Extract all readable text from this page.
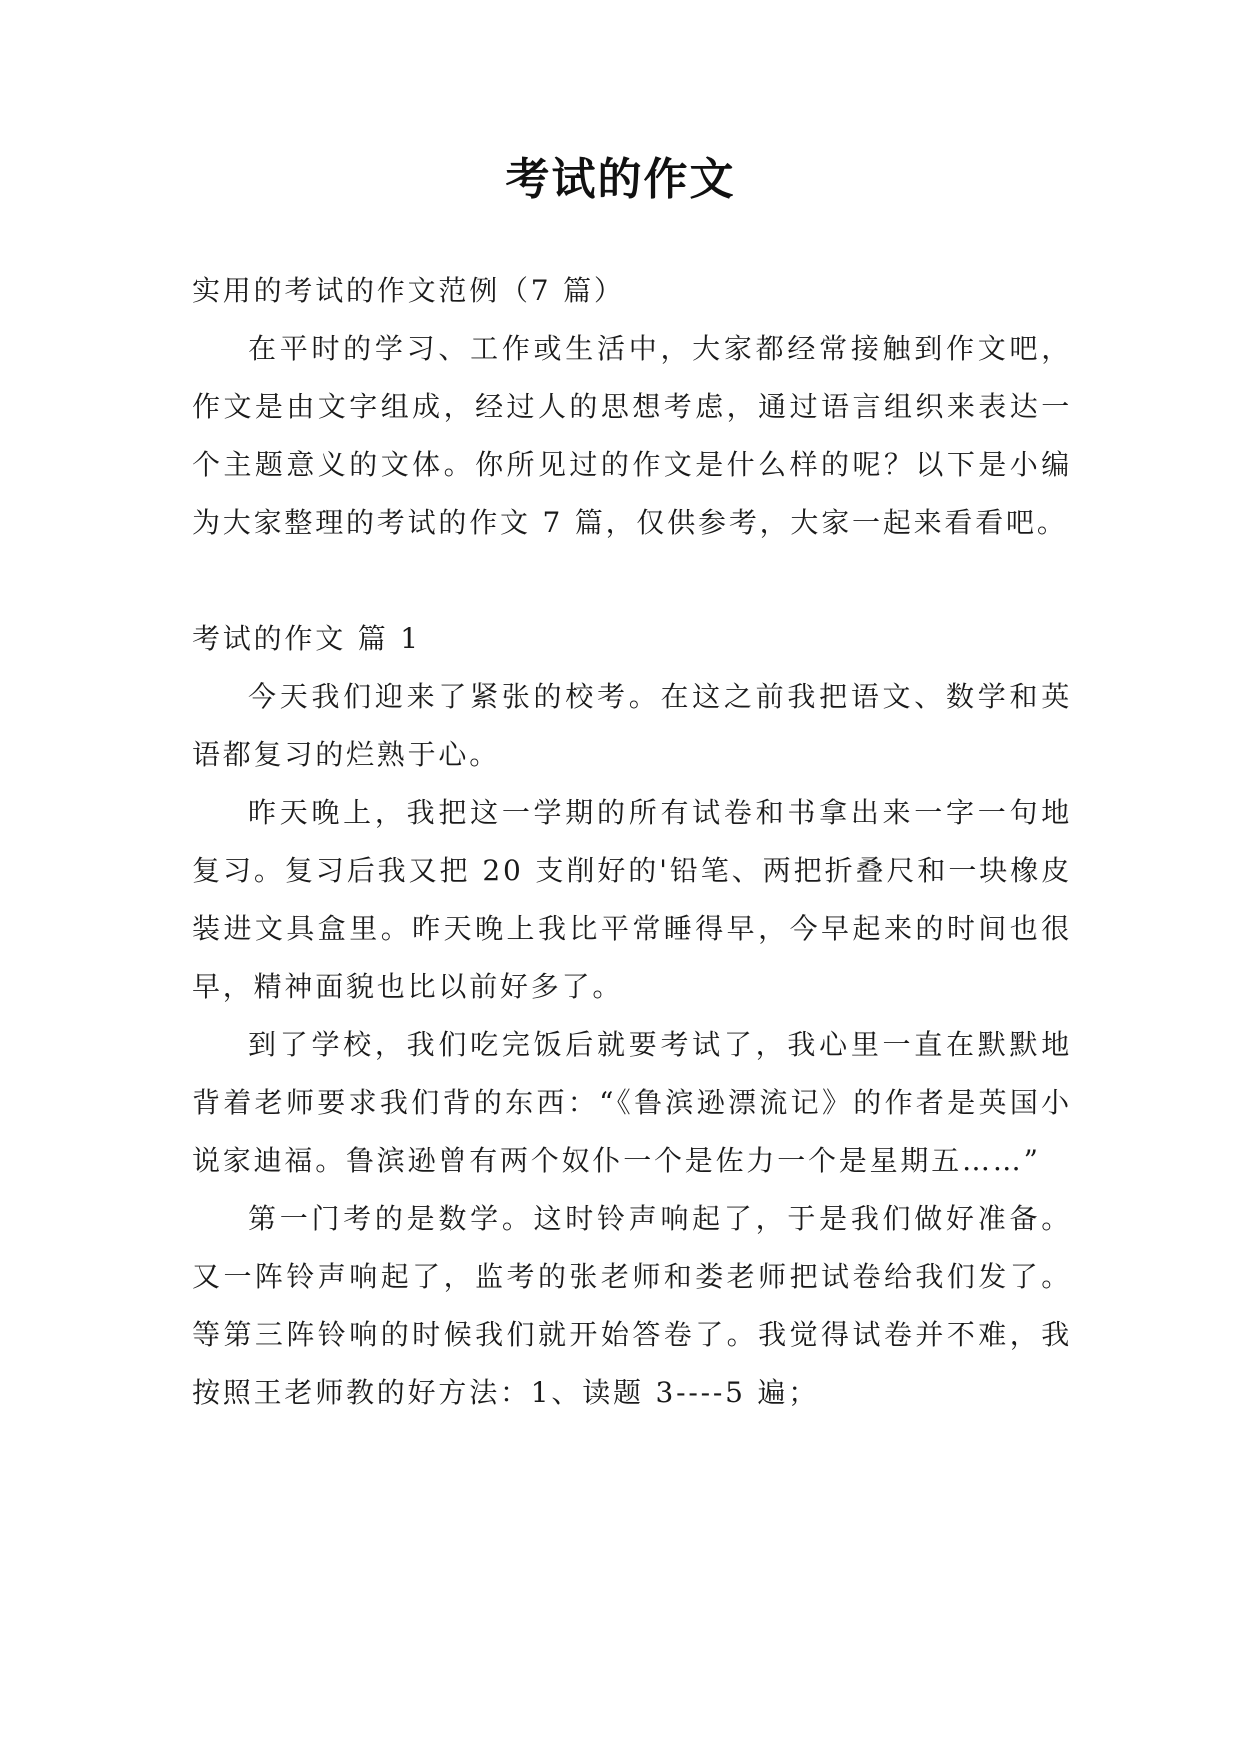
考试的作文

实用的考试的作文范例（7 篇）

在平时的学习、工作或生活中，大家都经常接触到作文吧，作文是由文字组成，经过人的思想考虑，通过语言组织来表达一个主题意义的文体。你所见过的作文是什么样的呢？以下是小编为大家整理的考试的作文 7 篇，仅供参考，大家一起来看看吧。

考试的作文 篇 1

今天我们迎来了紧张的校考。在这之前我把语文、数学和英语都复习的烂熟于心。

昨天晚上，我把这一学期的所有试卷和书拿出来一字一句地复习。复习后我又把 20 支削好的'铅笔、两把折叠尺和一块橡皮装进文具盒里。昨天晚上我比平常睡得早，今早起来的时间也很早，精神面貌也比以前好多了。

到了学校，我们吃完饭后就要考试了，我心里一直在默默地背着老师要求我们背的东西：“《鲁滨逊漂流记》的作者是英国小说家迪福。鲁滨逊曾有两个奴仆一个是佐力一个是星期五……”

第一门考的是数学。这时铃声响起了，于是我们做好准备。又一阵铃声响起了，监考的张老师和娄老师把试卷给我们发了。等第三阵铃响的时候我们就开始答卷了。我觉得试卷并不难，我按照王老师教的好方法：1、读题 3----5 遍；
